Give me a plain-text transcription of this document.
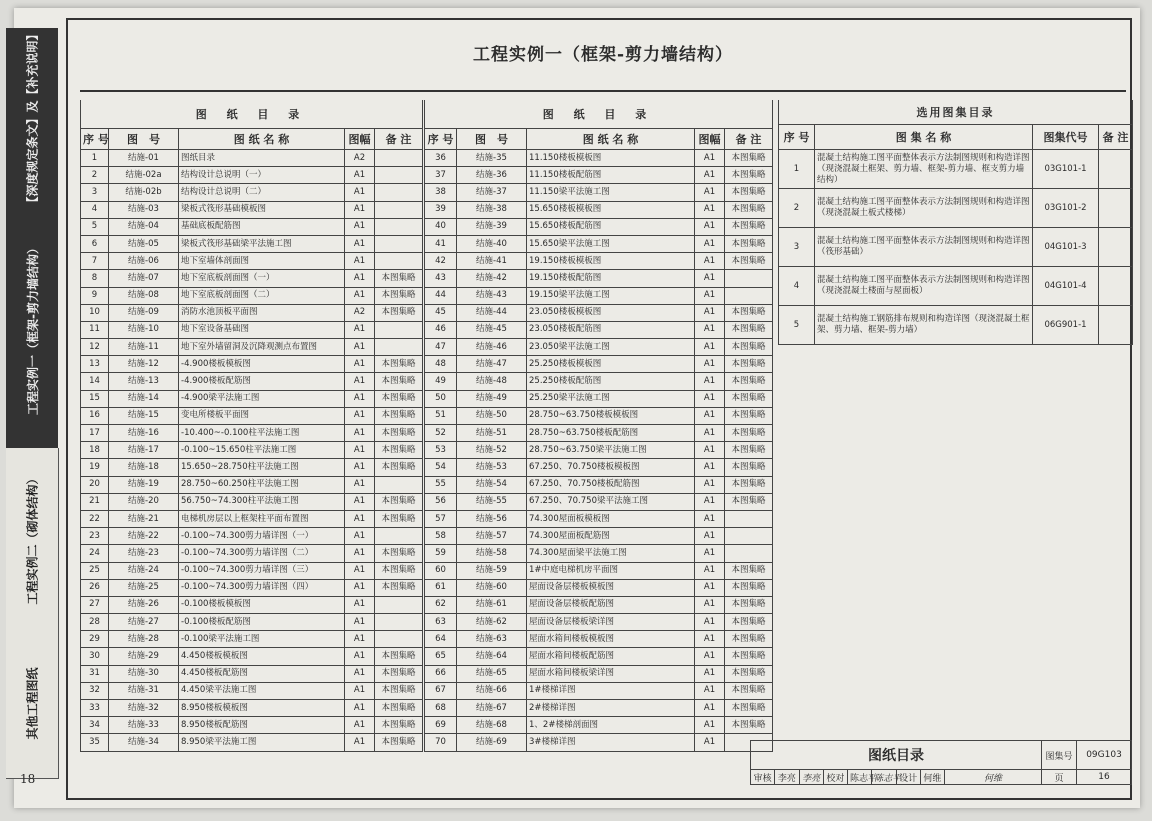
【深度规定条文】及【补充说明】
工程实例一（框架-剪力墙结构）
工程实例二（砌体结构）
其他工程图纸
18
工程实例一（框架-剪力墙结构）
图 纸 目 录				
序 号	图　号	图 纸 名 称	图幅	备 注
1	结施-01	图纸目录	A2	
2	结施-02a	结构设计总说明（一）	A1	
3	结施-02b	结构设计总说明（二）	A1	
4	结施-03	梁板式筏形基础模板图	A1	
5	结施-04	基础底板配筋图	A1	
6	结施-05	梁板式筏形基础梁平法施工图	A1	
7	结施-06	地下室墙体剖面图	A1	
8	结施-07	地下室底板剖面图（一）	A1	本图集略
9	结施-08	地下室底板剖面图（二）	A1	本图集略
10	结施-09	消防水池顶板平面图	A2	本图集略
11	结施-10	地下室设备基础图	A1	
12	结施-11	地下室外墙留洞及沉降观测点布置图	A1	
13	结施-12	-4.900楼板模板图	A1	本图集略
14	结施-13	-4.900楼板配筋图	A1	本图集略
15	结施-14	-4.900梁平法施工图	A1	本图集略
16	结施-15	变电所楼板平面图	A1	本图集略
17	结施-16	-10.400~-0.100柱平法施工图	A1	本图集略
18	结施-17	-0.100~15.650柱平法施工图	A1	本图集略
19	结施-18	15.650~28.750柱平法施工图	A1	本图集略
20	结施-19	28.750~60.250柱平法施工图	A1	
21	结施-20	56.750~74.300柱平法施工图	A1	本图集略
22	结施-21	电梯机房层以上框架柱平面布置图	A1	本图集略
23	结施-22	-0.100~74.300剪力墙详图（一）	A1	
24	结施-23	-0.100~74.300剪力墙详图（二）	A1	本图集略
25	结施-24	-0.100~74.300剪力墙详图（三）	A1	本图集略
26	结施-25	-0.100~74.300剪力墙详图（四）	A1	本图集略
27	结施-26	-0.100楼板模板图	A1	
28	结施-27	-0.100楼板配筋图	A1	
29	结施-28	-0.100梁平法施工图	A1	
30	结施-29	4.450楼板模板图	A1	本图集略
31	结施-30	4.450楼板配筋图	A1	本图集略
32	结施-31	4.450梁平法施工图	A1	本图集略
33	结施-32	8.950楼板模板图	A1	本图集略
34	结施-33	8.950楼板配筋图	A1	本图集略
35	结施-34	8.950梁平法施工图	A1	本图集略
图 纸 目 录				
序 号	图　号	图 纸 名 称	图幅	备 注
36	结施-35	11.150楼板模板图	A1	本图集略
37	结施-36	11.150楼板配筋图	A1	本图集略
38	结施-37	11.150梁平法施工图	A1	本图集略
39	结施-38	15.650楼板模板图	A1	本图集略
40	结施-39	15.650楼板配筋图	A1	本图集略
41	结施-40	15.650梁平法施工图	A1	本图集略
42	结施-41	19.150楼板模板图	A1	本图集略
43	结施-42	19.150楼板配筋图	A1	
44	结施-43	19.150梁平法施工图	A1	
45	结施-44	23.050楼板模板图	A1	本图集略
46	结施-45	23.050楼板配筋图	A1	本图集略
47	结施-46	23.050梁平法施工图	A1	本图集略
48	结施-47	25.250楼板模板图	A1	本图集略
49	结施-48	25.250楼板配筋图	A1	本图集略
50	结施-49	25.250梁平法施工图	A1	本图集略
51	结施-50	28.750~63.750楼板模板图	A1	本图集略
52	结施-51	28.750~63.750楼板配筋图	A1	本图集略
53	结施-52	28.750~63.750梁平法施工图	A1	本图集略
54	结施-53	67.250、70.750楼板模板图	A1	本图集略
55	结施-54	67.250、70.750楼板配筋图	A1	本图集略
56	结施-55	67.250、70.750梁平法施工图	A1	本图集略
57	结施-56	74.300屋面板模板图	A1	
58	结施-57	74.300屋面板配筋图	A1	
59	结施-58	74.300屋面梁平法施工图	A1	
60	结施-59	1#中庭电梯机房平面图	A1	本图集略
61	结施-60	屋面设备层楼板模板图	A1	本图集略
62	结施-61	屋面设备层楼板配筋图	A1	本图集略
63	结施-62	屋面设备层楼板梁详图	A1	本图集略
64	结施-63	屋面水箱间楼板模板图	A1	本图集略
65	结施-64	屋面水箱间楼板配筋图	A1	本图集略
66	结施-65	屋面水箱间楼板梁详图	A1	本图集略
67	结施-66	1#楼梯详图	A1	本图集略
68	结施-67	2#楼梯详图	A1	本图集略
69	结施-68	1、2#楼梯剖面图	A1	本图集略
70	结施-69	3#楼梯详图	A1	
选用图集目录			
序 号	图 集 名 称	图集代号	备 注
1	混凝土结构施工图平面整体表示方法制图规则和构造详图（现浇混凝土框架、剪力墙、框架-剪力墙、框支剪力墙结构）	03G101-1	
2	混凝土结构施工图平面整体表示方法制图规则和构造详图（现浇混凝土板式楼梯）	03G101-2	
3	混凝土结构施工图平面整体表示方法制图规则和构造详图（筏形基础）	04G101-3	
4	混凝土结构施工图平面整体表示方法制图规则和构造详图（现浇混凝土楼面与屋面板）	04G101-4	
5	混凝土结构施工钢筋排布规则和构造详图（现浇混凝土框架、剪力墙、框架-剪力墙）	06G901-1	
图纸目录									图集号	09G103
审核	李亮	李亮	校对	陈志平	陈志平	设计	何维	何维	页	16
